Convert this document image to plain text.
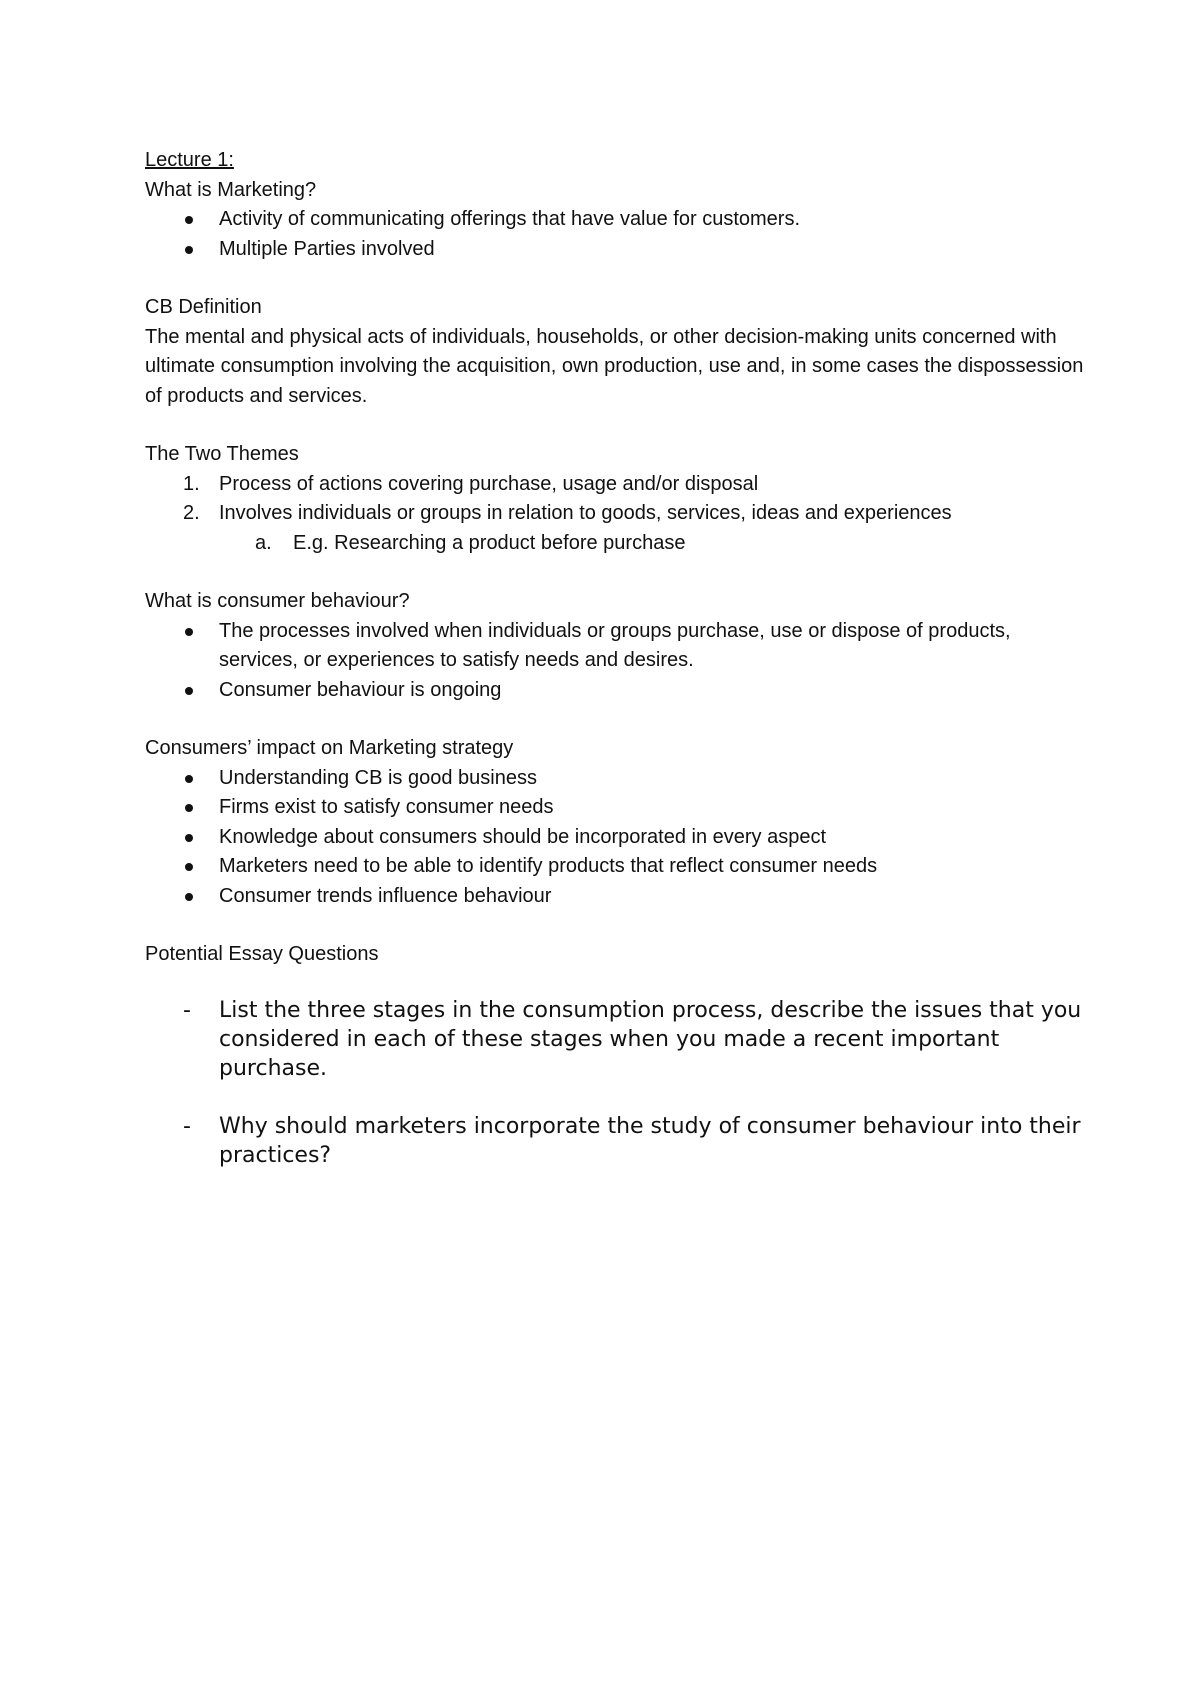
Lecture 1:
What is Marketing?
Activity of communicating offerings that have value for customers.
Multiple Parties involved
CB Definition
The mental and physical acts of individuals, households, or other decision-making units concerned with ultimate consumption involving the acquisition, own production, use and, in some cases the dispossession of products and services.
The Two Themes
1. Process of actions covering purchase, usage and/or disposal
2. Involves individuals or groups in relation to goods, services, ideas and experiences
a. E.g. Researching a product before purchase
What is consumer behaviour?
The processes involved when individuals or groups purchase, use or dispose of products, services, or experiences to satisfy needs and desires.
Consumer behaviour is ongoing
Consumers’ impact on Marketing strategy
Understanding CB is good business
Firms exist to satisfy consumer needs
Knowledge about consumers should be incorporated in every aspect
Marketers need to be able to identify products that reflect consumer needs
Consumer trends influence behaviour
Potential Essay Questions
- List the three stages in the consumption process, describe the issues that you considered in each of these stages when you made a recent important purchase.
- Why should marketers incorporate the study of consumer behaviour into their practices?
